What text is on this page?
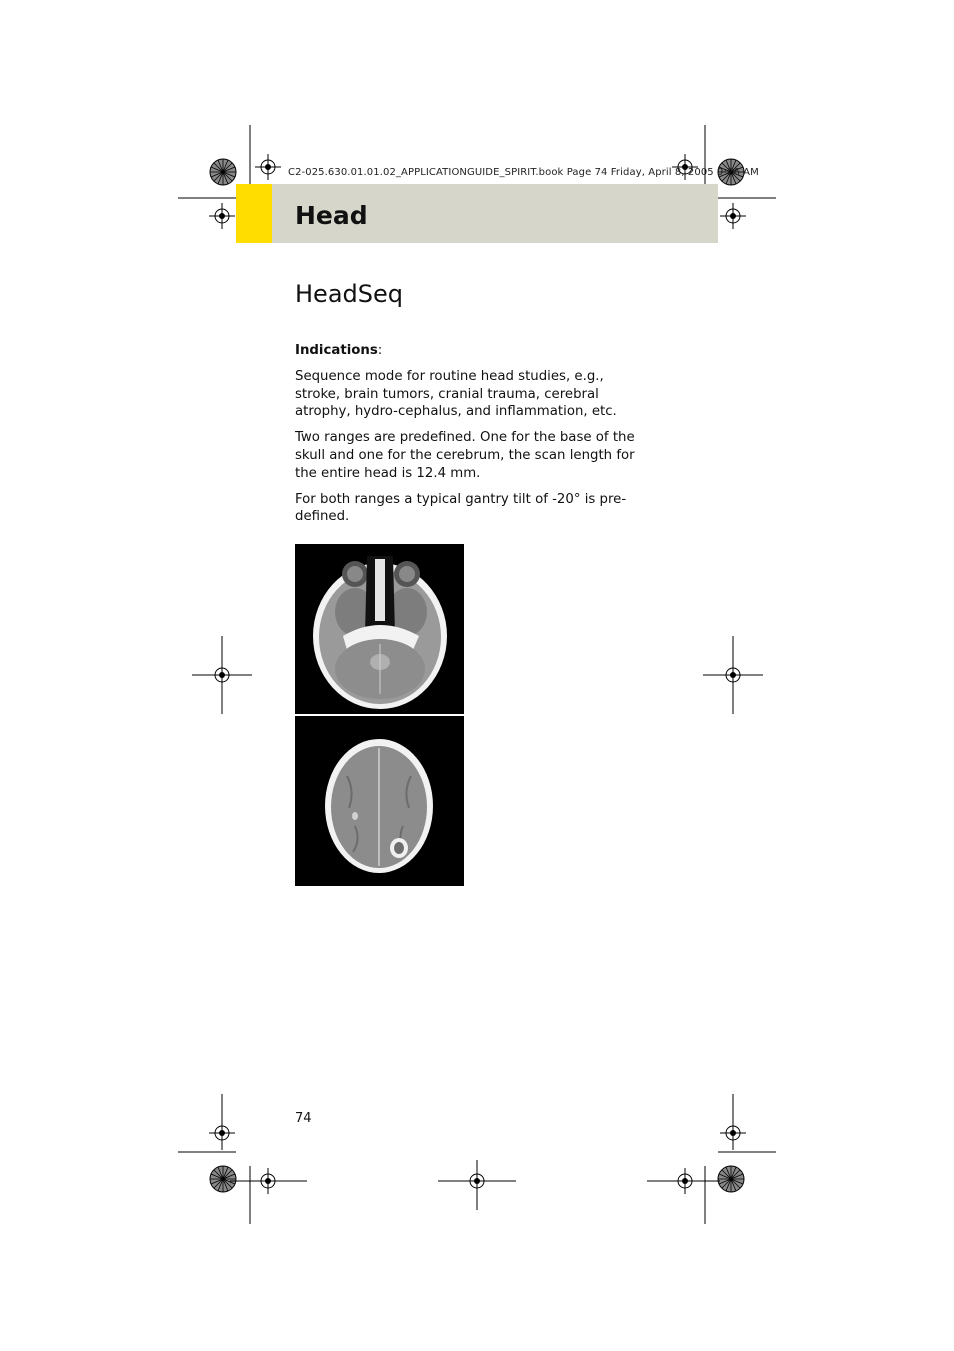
C2-025.630.01.01.02_APPLICATIONGUIDE_SPIRIT.book Page 74 Friday, April 8, 2005 9:26 AM
Head
HeadSeq

Indications:

Sequence mode for routine head studies, e.g., stroke, brain tumors, cranial trauma, cerebral atrophy, hydro-cephalus, and inflammation, etc.

Two ranges are predefined. One for the base of the skull and one for the cerebrum, the scan length for the entire head is 12.4 mm.

For both ranges a typical gantry tilt of -20° is pre-defined.

74
